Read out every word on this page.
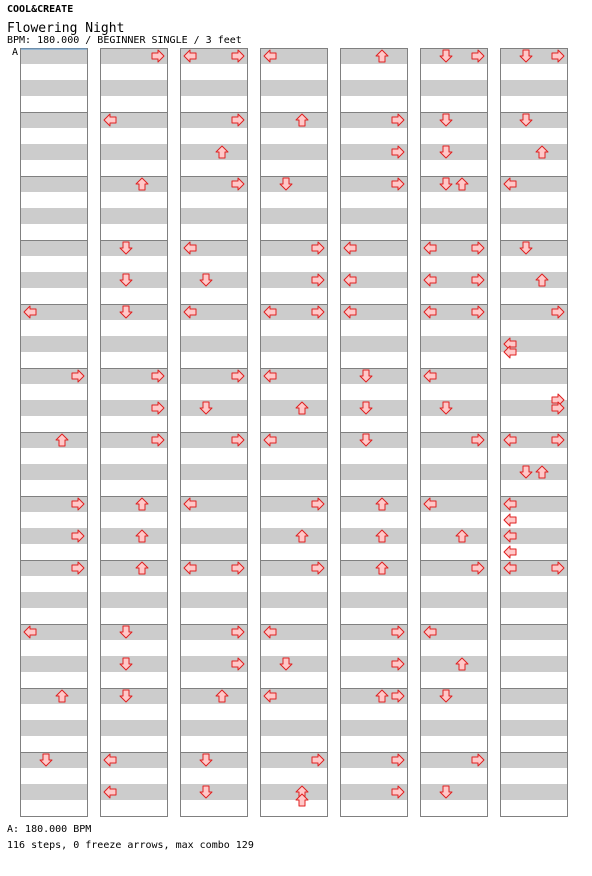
COOL&CREATE
Flowering Night
BPM: 180.000 / BEGINNER SINGLE / 3 feet
A
A: 180.000 BPM
116 steps, 0 freeze arrows, max combo 129
